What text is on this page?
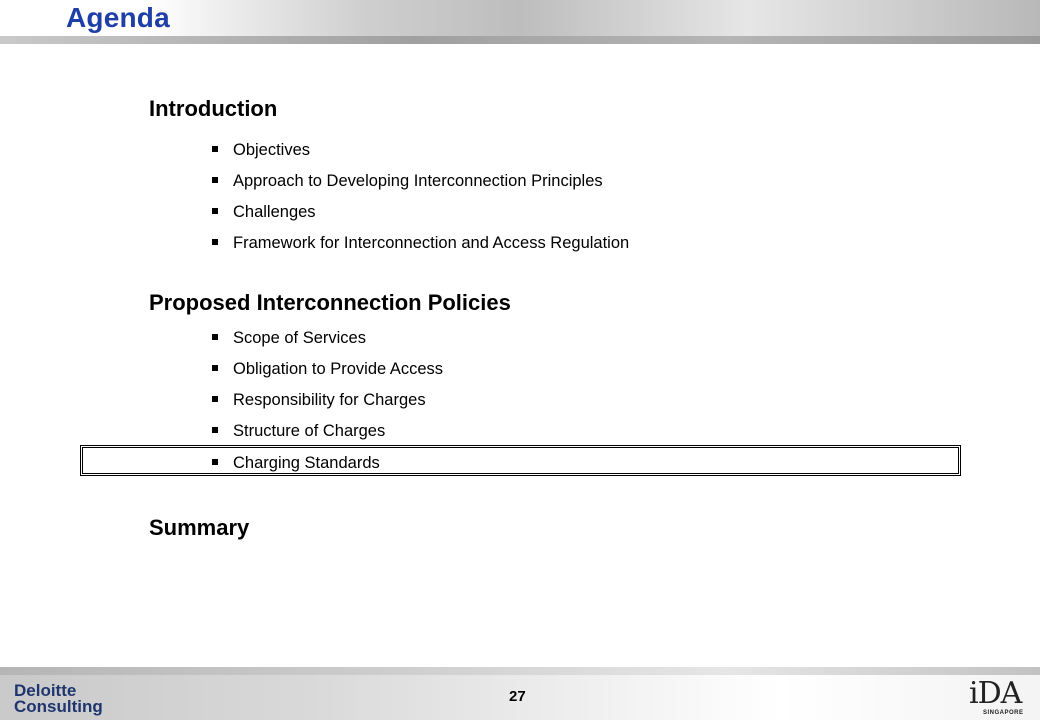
Agenda
Introduction
Objectives
Approach to Developing Interconnection Principles
Challenges
Framework for Interconnection and Access Regulation
Proposed Interconnection Policies
Scope of Services
Obligation to Provide Access
Responsibility for Charges
Structure of Charges
Charging Standards
Summary
Deloitte
Consulting
27	iDA
SINGAPORE
